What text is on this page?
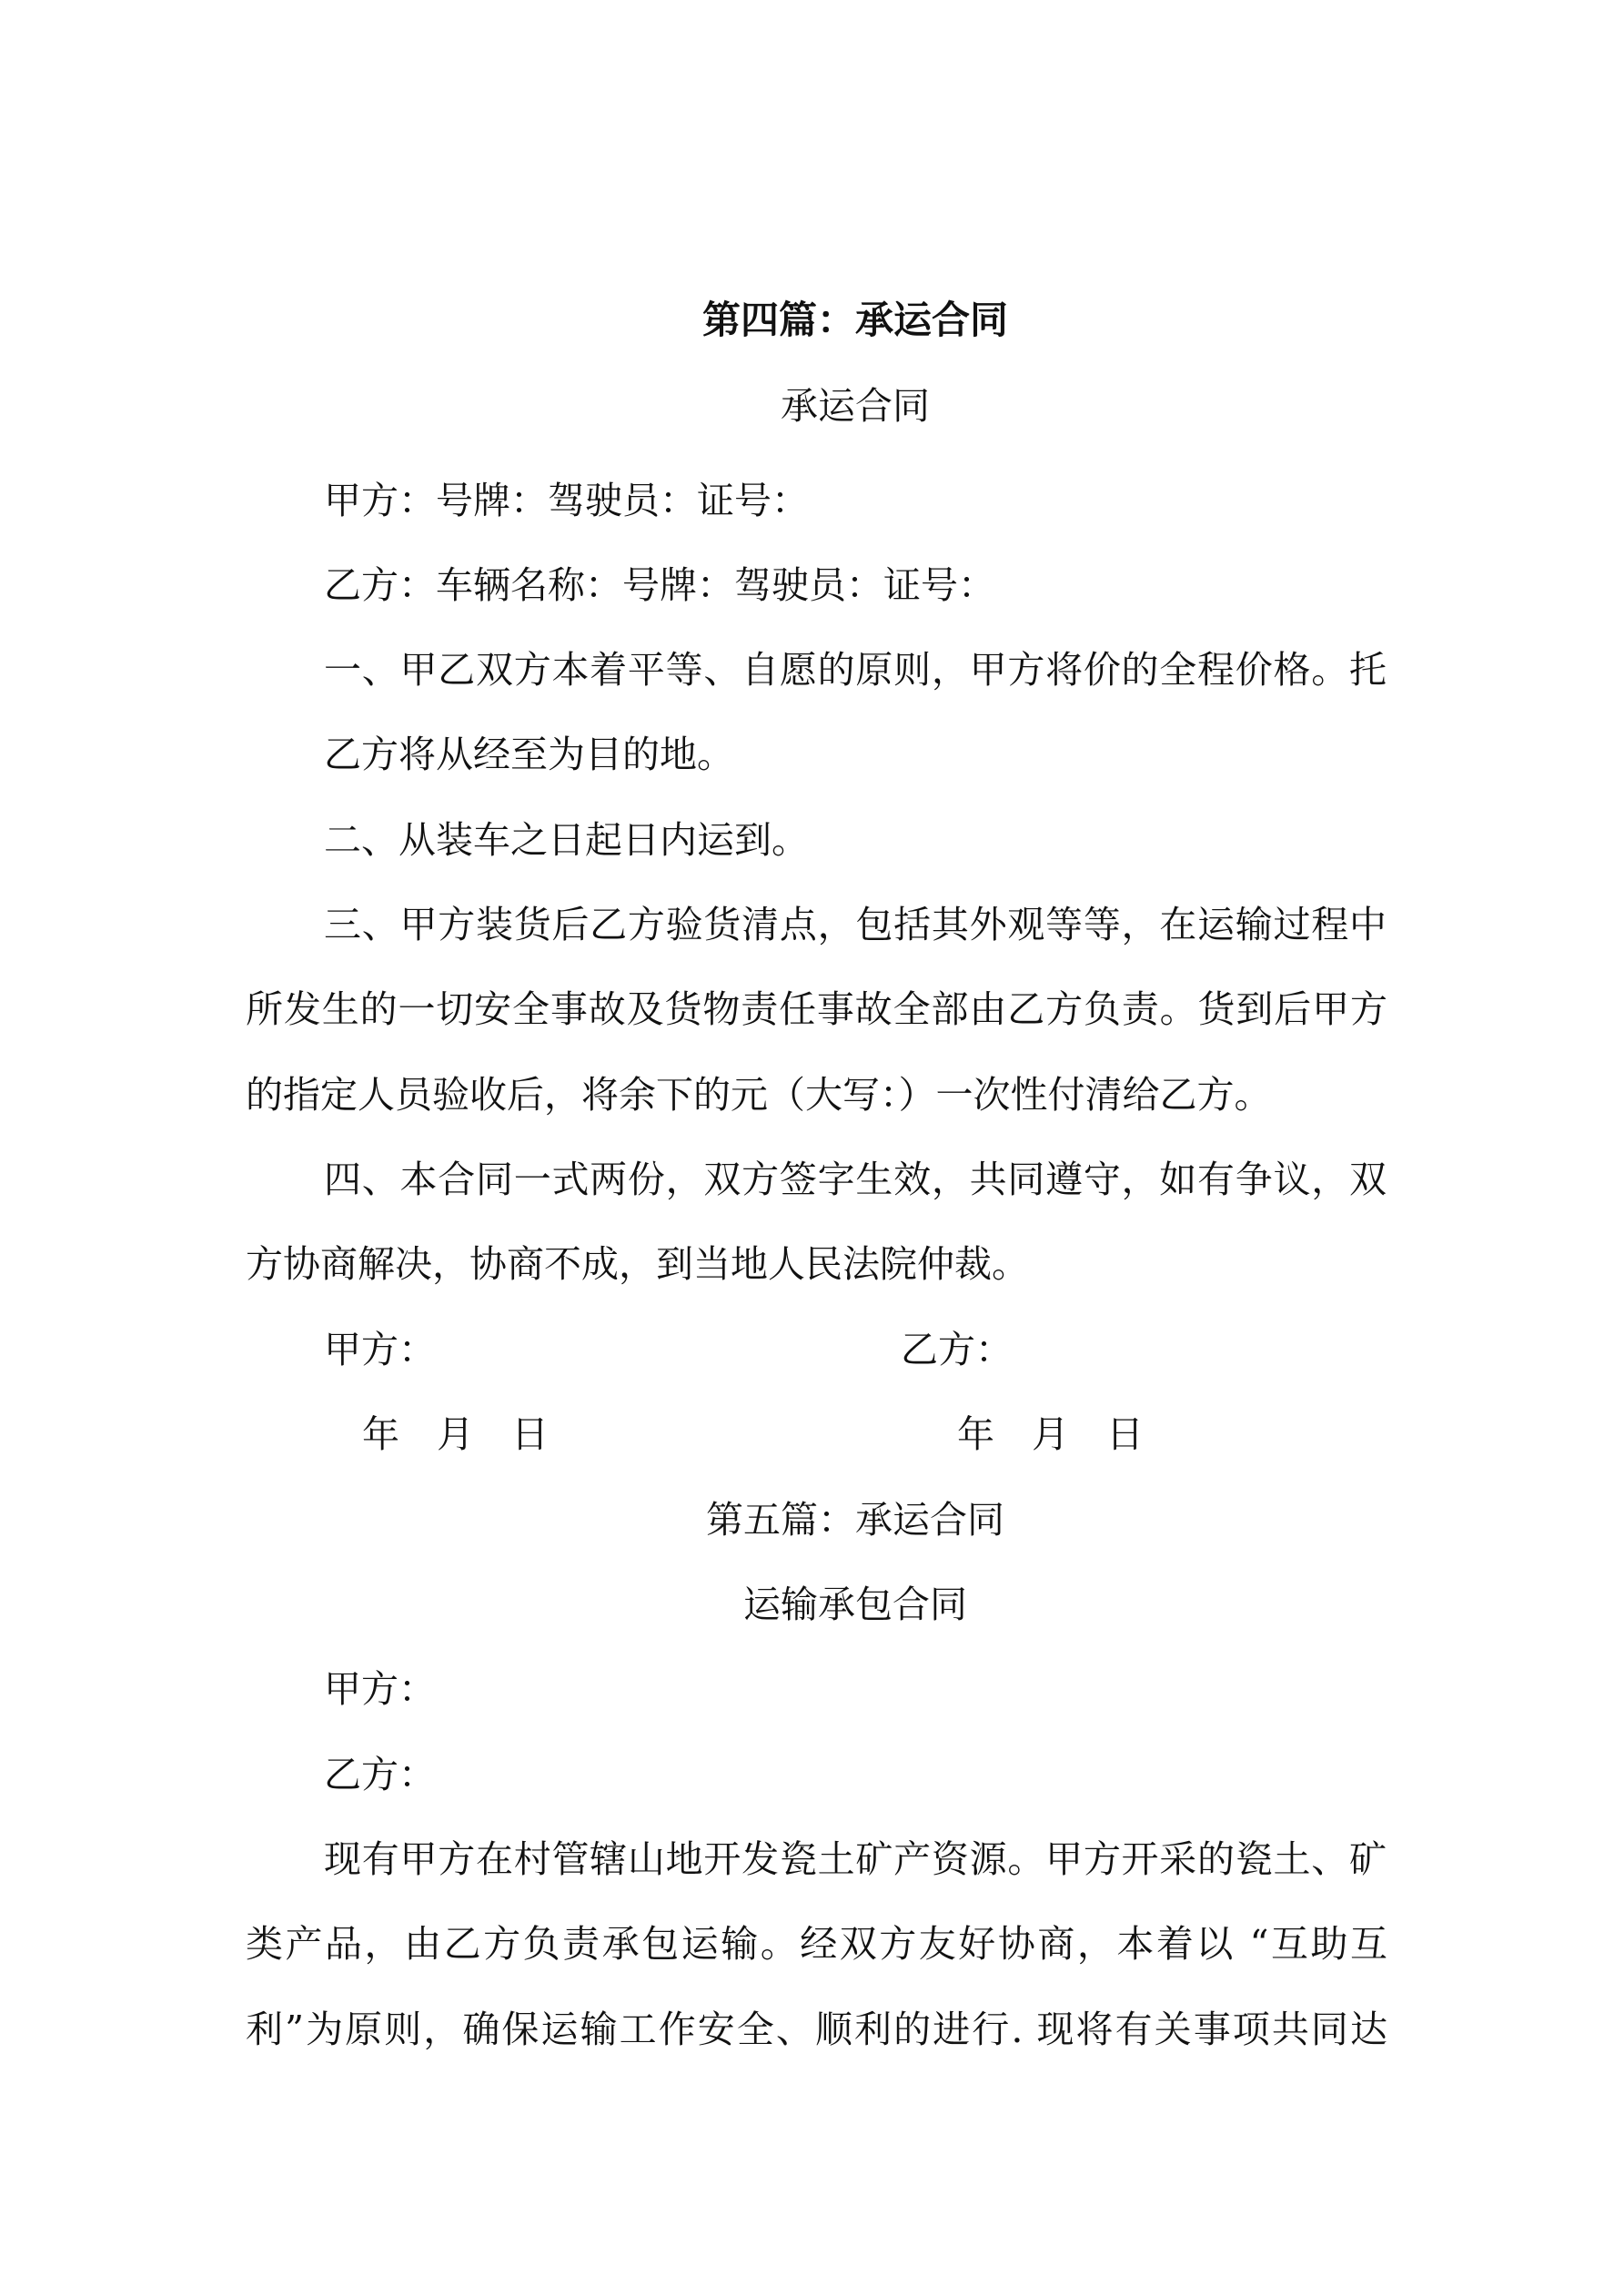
第四篇：承运合同
承运合同
甲方：号牌：驾驶员：证号：
乙方：车辆名称：号牌：驾驶员：证号：
一、甲乙双方本着平等、自愿的原则，甲方将价的全程价格。托
乙方将从经至为目的地。
二、从装车之日起日内运到。
三、甲方装货后乙方验货清点，包括其外观等等，在运输过程中
所发生的一切安全事故及货物责任事故全部由乙方负责。货到后甲方
的指定人员验收后，将余下的元（大写：）一次性付清给乙方。
四、本合同一式两份，双方签字生效，共同遵守，如有争议，双
方协商解决，协商不成，到当地人民法院仲裁。
甲方：	乙方：
年　月　日	年　月　日
第五篇：承运合同
运输承包合同
甲方：
乙方：
现有甲方在村管辖山地开发瓷土矿产资源。甲方开采的瓷土、矿
类产品，由乙方负责承包运输。经双方友好协商，本着以 “互助互
利”为原则，确保运输工作安全、顺利的进行. 现将有关事项共同达
